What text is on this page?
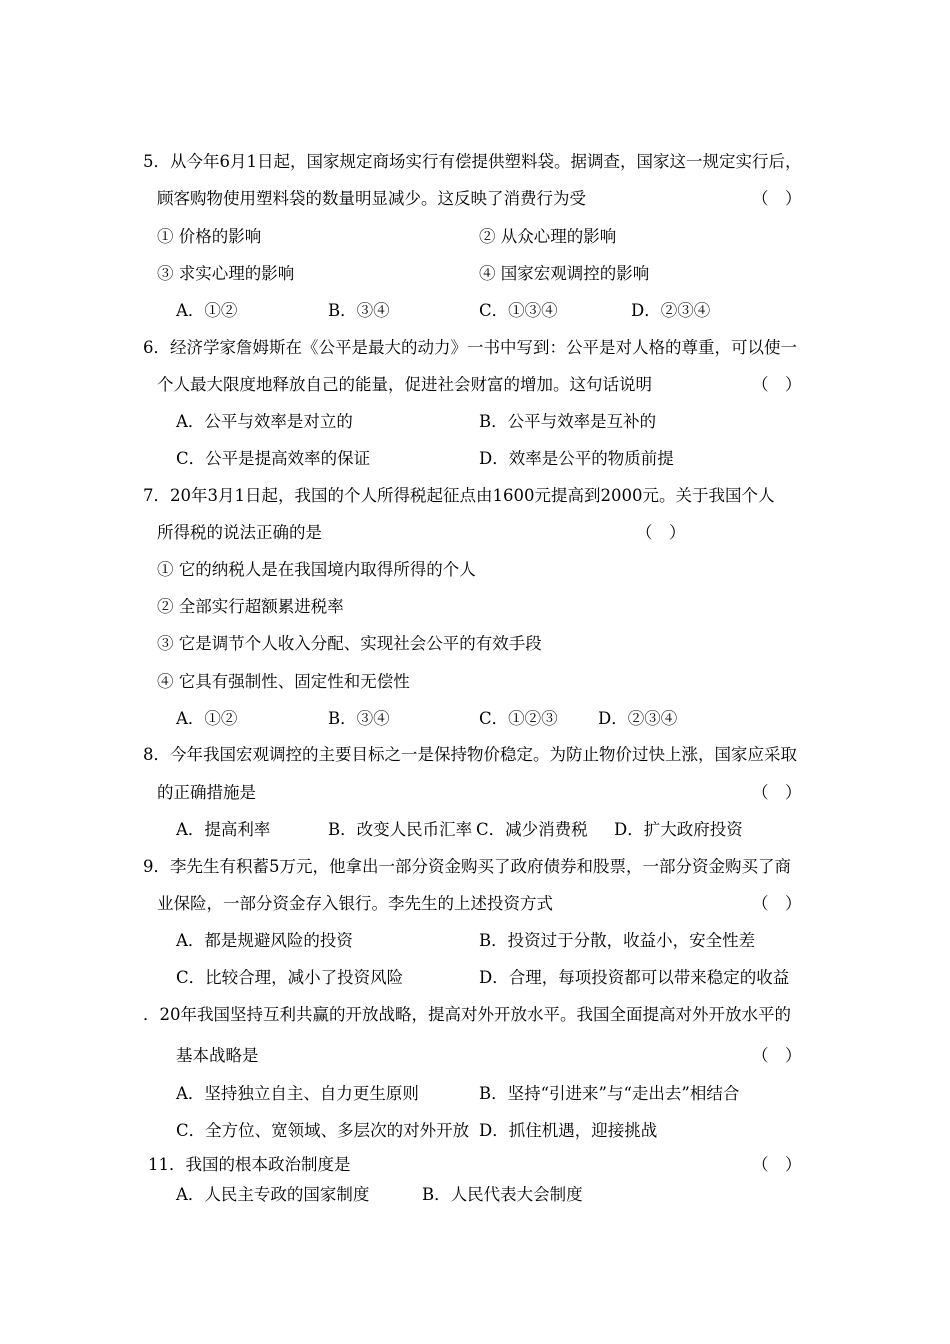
5．从今年6月1日起，国家规定商场实行有偿提供塑料袋。据调查，国家这一规定实行后，
顾客购物使用塑料袋的数量明显减少。这反映了消费行为受	（　）
① 价格的影响	② 从众心理的影响
③ 求实心理的影响	④ 国家宏观调控的影响
A．①②	B．③④	C．①③④	D．②③④
6．经济学家詹姆斯在《公平是最大的动力》一书中写到：公平是对人格的尊重，可以使一
个人最大限度地释放自己的能量，促进社会财富的增加。这句话说明	（　）
A．公平与效率是对立的	B．公平与效率是互补的
C．公平是提高效率的保证	D．效率是公平的物质前提
7．20年3月1日起，我国的个人所得税起征点由1600元提高到2000元。关于我国个人
所得税的说法正确的是	（　）
① 它的纳税人是在我国境内取得所得的个人
② 全部实行超额累进税率
③ 它是调节个人收入分配、实现社会公平的有效手段
④ 它具有强制性、固定性和无偿性
A．①②	B．③④	C．①②③ D．②③④
8．今年我国宏观调控的主要目标之一是保持物价稳定。为防止物价过快上涨，国家应采取
的正确措施是	（　）
A．提高利率	B．改变人民币汇率 C．减少消费税 D．扩大政府投资
9．李先生有积蓄5万元，他拿出一部分资金购买了政府债券和股票，一部分资金购买了商
业保险，一部分资金存入银行。李先生的上述投资方式	（　）
A．都是规避风险的投资	B．投资过于分散，收益小，安全性差
C．比较合理，减小了投资风险	D．合理，每项投资都可以带来稳定的收益
．20年我国坚持互利共赢的开放战略，提高对外开放水平。我国全面提高对外开放水平的
基本战略是	（　）
A．坚持独立自主、自力更生原则	B．坚持“引进来”与“走出去”相结合
C．全方位、宽领域、多层次的对外开放 D．抓住机遇，迎接挑战
11．我国的根本政治制度是	（　）
A．人民主专政的国家制度	B．人民代表大会制度
